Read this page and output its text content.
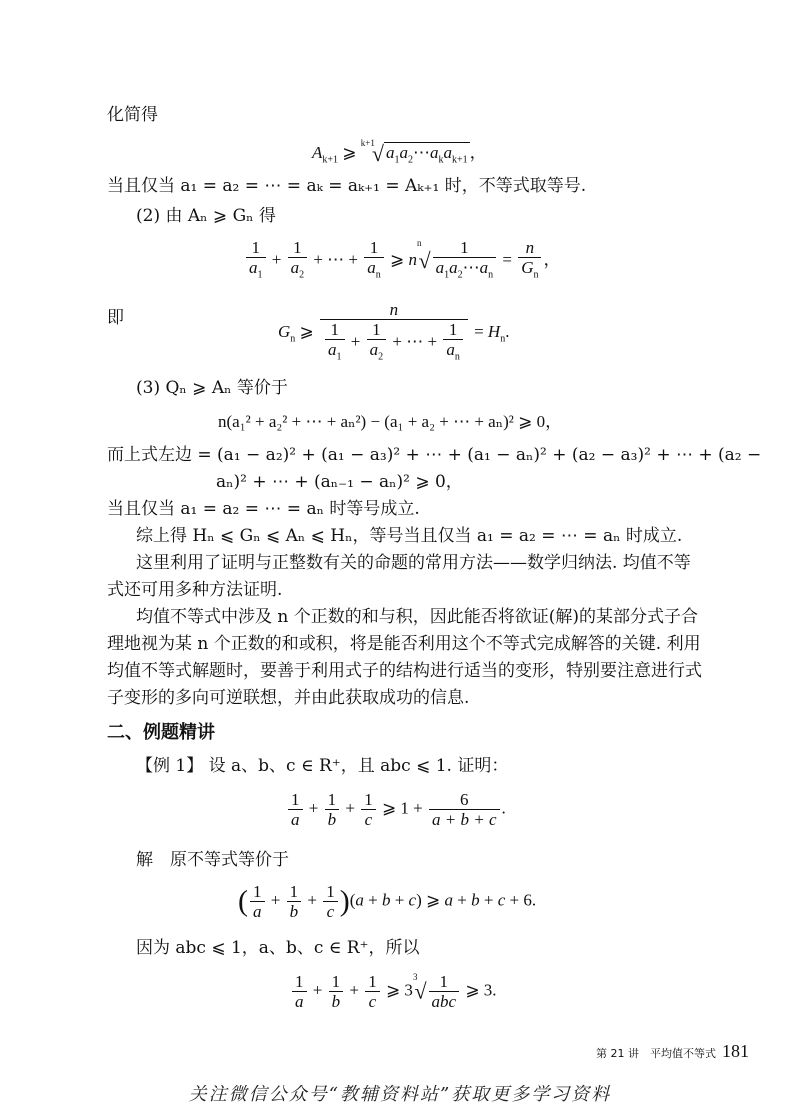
化简得
$A_{k+1}$ ⩾ $^{k+1}$√ $a_1a_2\cdots a_ka_{k+1}$ ，
当且仅当 a₁ = a₂ = ⋯ = aₖ = aₖ₊₁ = Aₖ₊₁ 时，不等式取等号.
(2) 由 Aₙ ⩾ Gₙ 得
$\frac{1}{a_1} + \frac{1}{a_2}$ + ⋯ + $\frac{1}{a_n}$ ⩾ $n^n√ \frac{1}{a_1a_2\cdots a_n} = \frac{n}{G_n}$ ，
即
$G_n$ ⩾ $\frac{n}{\frac{1}{a_1} + \frac{1}{a_2} + \cdots + \frac{1}{a_n}} = H_n$.
(3) Qₙ ⩾ Aₙ 等价于
n(a₁² + a₂² + ⋯ + aₙ²) − (a₁ + a₂ + ⋯ + aₙ)² ⩾ 0，
而上式左边 = (a₁ − a₂)² + (a₁ − a₃)² + ⋯ + (a₁ − aₙ)² + (a₂ − a₃)² + ⋯ + (a₂ −
aₙ)² + ⋯ + (aₙ₋₁ − aₙ)² ⩾ 0，
当且仅当 a₁ = a₂ = ⋯ = aₙ 时等号成立.
综上得 Hₙ ⩽ Gₙ ⩽ Aₙ ⩽ Hₙ，等号当且仅当 a₁ = a₂ = ⋯ = aₙ 时成立.
这里利用了证明与正整数有关的命题的常用方法——数学归纳法. 均值不等
式还可用多种方法证明.
均值不等式中涉及 n 个正数的和与积，因此能否将欲证(解)的某部分式子合
理地视为某 n 个正数的和或积，将是能否利用这个不等式完成解答的关键. 利用
均值不等式解题时，要善于利用式子的结构进行适当的变形，特别要注意进行式
子变形的多向可逆联想，并由此获取成功的信息.
二、例题精讲
【例 1】 设 a、b、c ∈ R⁺，且 abc ⩽ 1. 证明：
$\frac{1}{a} + \frac{1}{b} + \frac{1}{c}$ ⩾ $1 + \frac{6}{a + b + c}$ .
解　原不等式等价于
( $\frac{1}{a} + \frac{1}{b} + \frac{1}{c} )(a + b + c)$ ⩾ a + b + c + 6.
因为 abc ⩽ 1，a、b、c ∈ R⁺，所以
$\frac{1}{a} + \frac{1}{b} + \frac{1}{c}$ ⩾ $3^3√ \frac{1}{\text{abc}}$ ⩾ 3.
第 21 讲　平均值不等式 181
关注微信公众号“教辅资料站”获取更多学习资料
